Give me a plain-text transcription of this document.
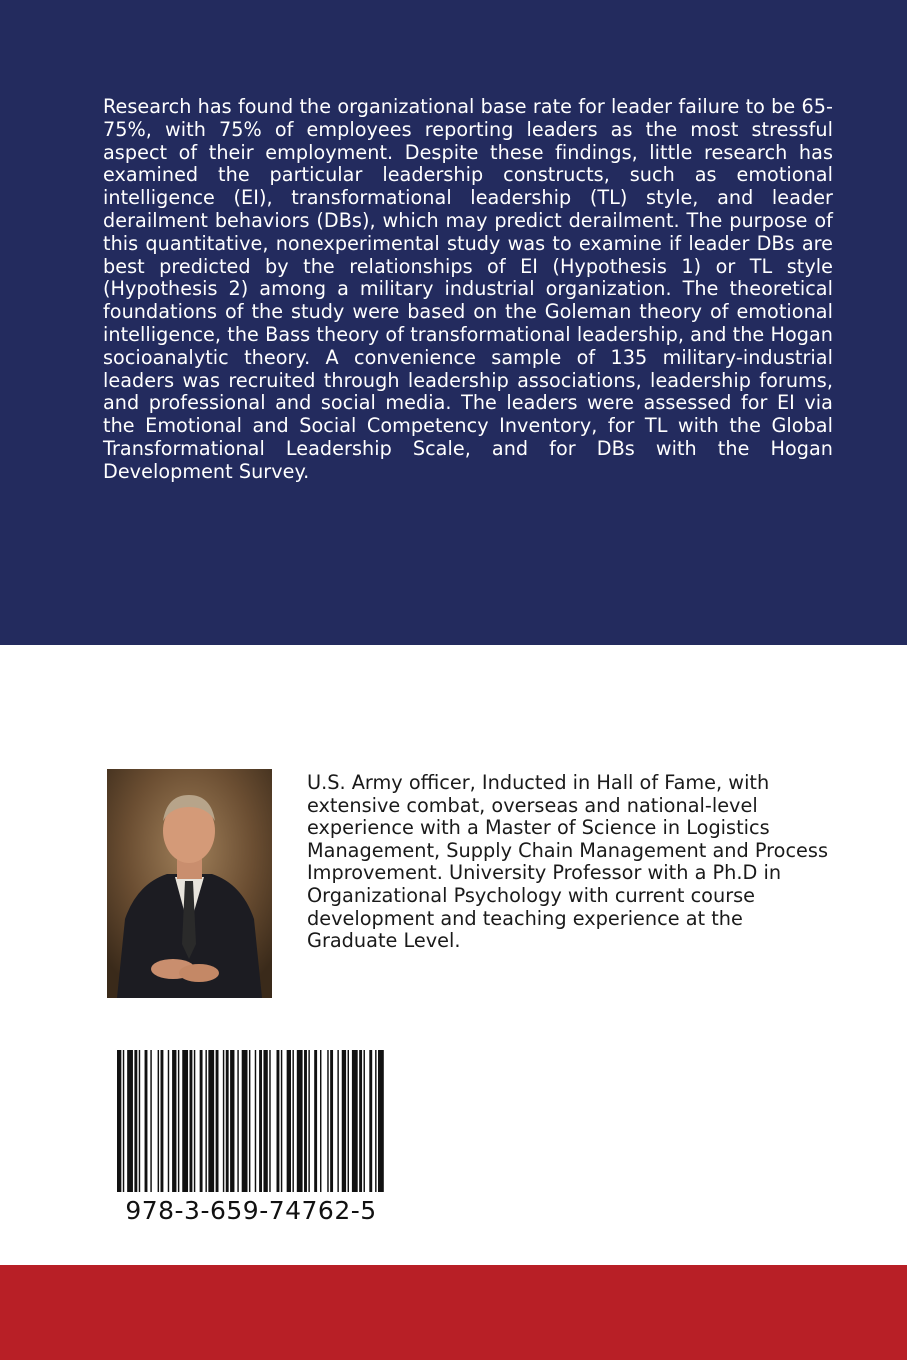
Research has found the organizational base rate for leader failure to be 65-75%, with 75% of employees reporting leaders as the most stressful aspect of their employment. Despite these findings, little research has examined the particular leadership constructs, such as emotional intelligence (EI), transformational leadership (TL) style, and leader derailment behaviors (DBs), which may predict derailment. The purpose of this quantitative, nonexperimental study was to examine if leader DBs are best predicted by the relationships of EI (Hypothesis 1) or TL style (Hypothesis 2) among a military industrial organization. The theoretical foundations of the study were based on the Goleman theory of emotional intelligence, the Bass theory of transformational leadership, and the Hogan socioanalytic theory. A convenience sample of 135 military-industrial leaders was recruited through leadership associations, leadership forums, and professional and social media. The leaders were assessed for EI via the Emotional and Social Competency Inventory, for TL with the Global Transformational Leadership Scale, and for DBs with the Hogan Development Survey.
U.S. Army officer, Inducted in Hall of Fame, with extensive combat, overseas and national-level experience with a Master of Science in Logistics Management, Supply Chain Management and Process Improvement. University Professor with a Ph.D in Organizational Psychology with current course development and teaching experience at the Graduate Level.
978-3-659-74762-5
